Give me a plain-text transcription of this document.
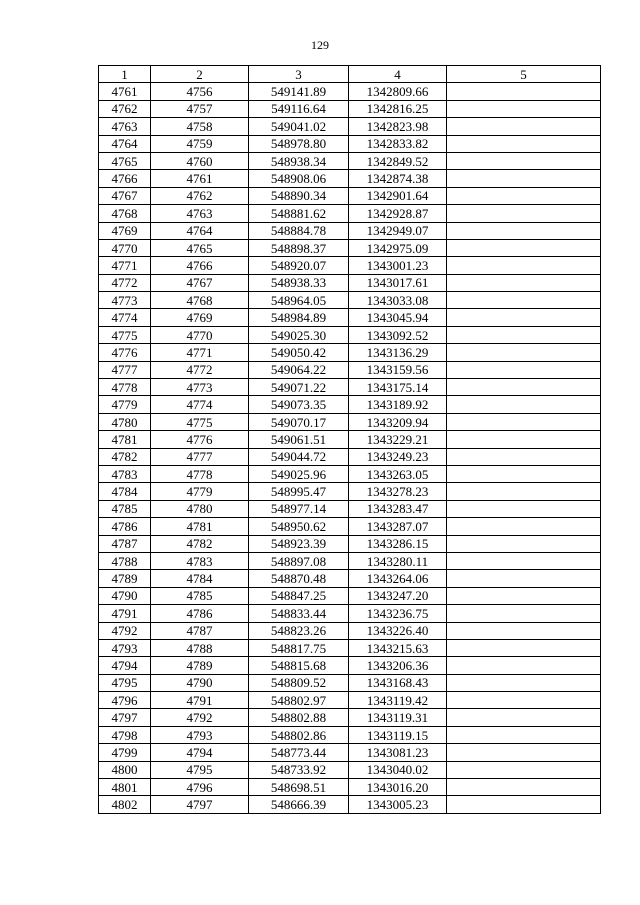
129
1	2	3	4	5
4761	4756	549141.89	1342809.66	
4762	4757	549116.64	1342816.25	
4763	4758	549041.02	1342823.98	
4764	4759	548978.80	1342833.82	
4765	4760	548938.34	1342849.52	
4766	4761	548908.06	1342874.38	
4767	4762	548890.34	1342901.64	
4768	4763	548881.62	1342928.87	
4769	4764	548884.78	1342949.07	
4770	4765	548898.37	1342975.09	
4771	4766	548920.07	1343001.23	
4772	4767	548938.33	1343017.61	
4773	4768	548964.05	1343033.08	
4774	4769	548984.89	1343045.94	
4775	4770	549025.30	1343092.52	
4776	4771	549050.42	1343136.29	
4777	4772	549064.22	1343159.56	
4778	4773	549071.22	1343175.14	
4779	4774	549073.35	1343189.92	
4780	4775	549070.17	1343209.94	
4781	4776	549061.51	1343229.21	
4782	4777	549044.72	1343249.23	
4783	4778	549025.96	1343263.05	
4784	4779	548995.47	1343278.23	
4785	4780	548977.14	1343283.47	
4786	4781	548950.62	1343287.07	
4787	4782	548923.39	1343286.15	
4788	4783	548897.08	1343280.11	
4789	4784	548870.48	1343264.06	
4790	4785	548847.25	1343247.20	
4791	4786	548833.44	1343236.75	
4792	4787	548823.26	1343226.40	
4793	4788	548817.75	1343215.63	
4794	4789	548815.68	1343206.36	
4795	4790	548809.52	1343168.43	
4796	4791	548802.97	1343119.42	
4797	4792	548802.88	1343119.31	
4798	4793	548802.86	1343119.15	
4799	4794	548773.44	1343081.23	
4800	4795	548733.92	1343040.02	
4801	4796	548698.51	1343016.20	
4802	4797	548666.39	1343005.23	
